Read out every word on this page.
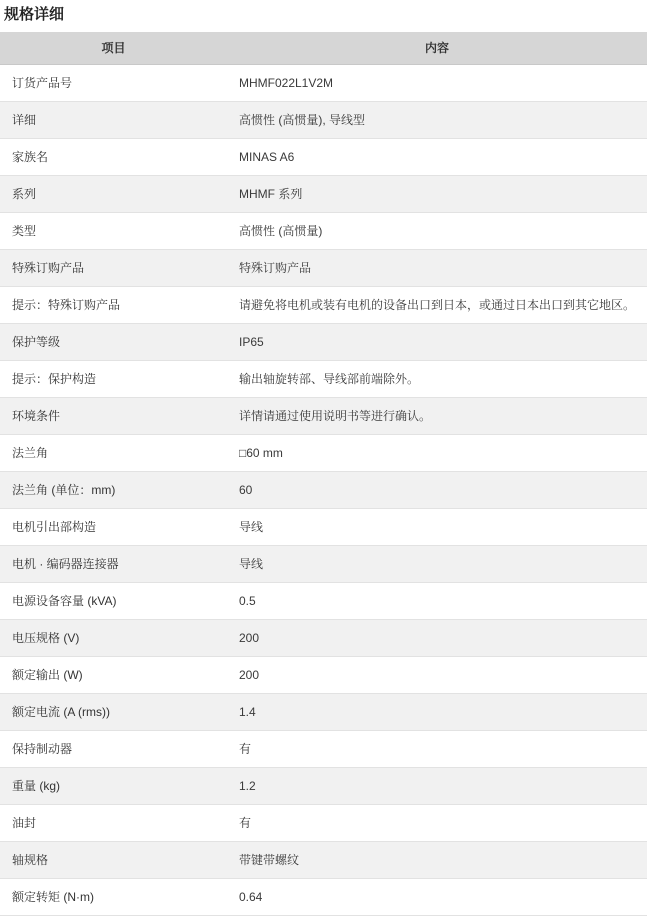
规格详细
项目	内容
订货产品号	MHMF022L1V2M
详细	高惯性 (高惯量), 导线型
家族名	MINAS A6
系列	MHMF 系列
类型	高惯性 (高惯量)
特殊订购产品	特殊订购产品
提示：特殊订购产品	请避免将电机或装有电机的设备出口到日本，或通过日本出口到其它地区。
保护等级	IP65
提示：保护构造	输出轴旋转部、导线部前端除外。
环境条件	详情请通过使用说明书等进行确认。
法兰角	□60 mm
法兰角 (单位：mm)	60
电机引出部构造	导线
电机 · 编码器连接器	导线
电源设备容量 (kVA)	0.5
电压规格 (V)	200
额定输出 (W)	200
额定电流 (A (rms))	1.4
保持制动器	有
重量 (kg)	1.2
油封	有
轴规格	带键带螺纹
额定转矩 (N·m)	0.64
